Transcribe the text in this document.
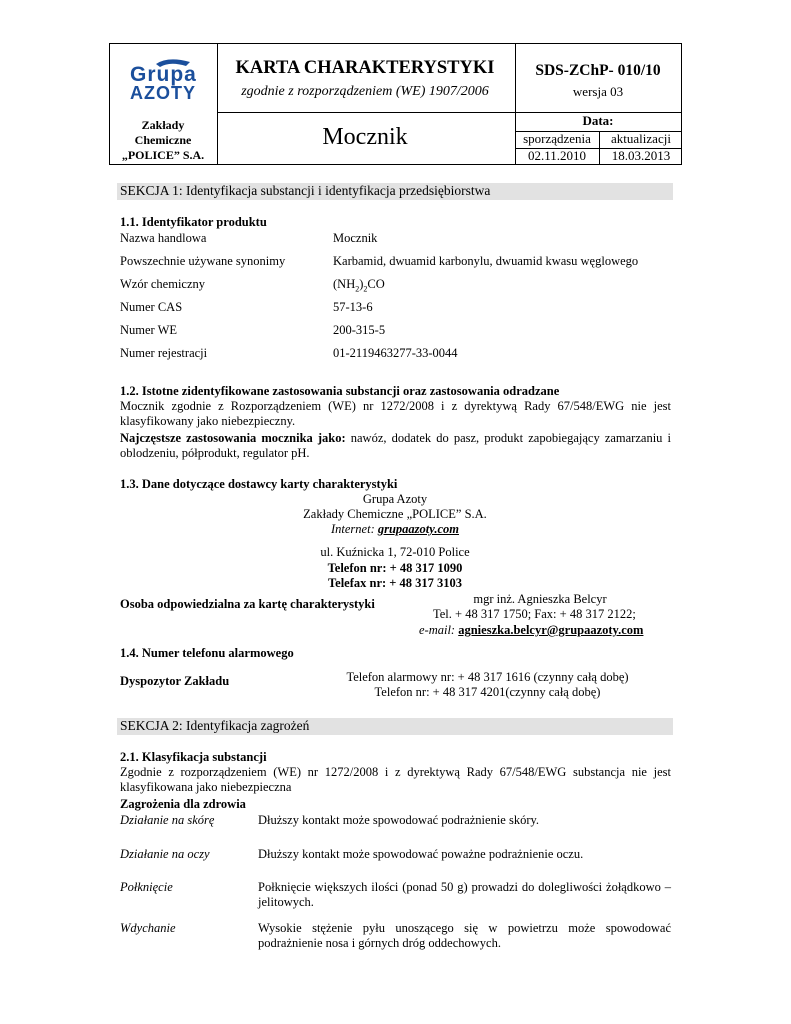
Grupa
AZOTY
Zakłady
Chemiczne
„POLICE” S.A.
KARTA CHARAKTERYSTYKI
zgodnie z rozporządzeniem (WE) 1907/2006
SDS-ZChP- 010/10
wersja 03
Mocznik
Data:
sporządzenia	aktualizacji
02.11.2010	18.03.2013
SEKCJA 1: Identyfikacja substancji i identyfikacja przedsiębiorstwa
1.1. Identyfikator produktu
Nazwa handlowa	Mocznik
Powszechnie używane synonimy	Karbamid, dwuamid karbonylu, dwuamid kwasu węglowego
Wzór chemiczny	$(NH_2)_2CO$
Numer CAS	57-13-6
Numer WE	200-315-5
Numer rejestracji	01-2119463277-33-0044
1.2. Istotne zidentyfikowane zastosowania substancji oraz zastosowania odradzane
Mocznik zgodnie z Rozporządzeniem (WE) nr 1272/2008 i z dyrektywą Rady 67/548/EWG nie jest klasyfikowany jako niebezpieczny.
Najczęstsze zastosowania mocznika jako: nawóz, dodatek do pasz, produkt zapobiegający zamarzaniu i oblodzeniu, półprodukt, regulator pH.
1.3. Dane dotyczące dostawcy karty charakterystyki
Grupa Azoty
Zakłady Chemiczne „POLICE” S.A.
Internet: grupaazoty.com
ul. Kuźnicka 1, 72-010 Police
Telefon nr: + 48 317 1090
Telefax nr: + 48 317 3103
Osoba odpowiedzialna za kartę charakterystyki	mgr inż. Agnieszka Belcyr
Tel. + 48 317 1750; Fax: + 48 317 2122;
e-mail: agnieszka.belcyr@grupaazoty.com
1.4. Numer telefonu alarmowego
Dyspozytor Zakładu	Telefon alarmowy nr: + 48 317 1616 (czynny całą dobę)
Telefon nr: + 48 317 4201(czynny całą dobę)
SEKCJA 2: Identyfikacja zagrożeń
2.1. Klasyfikacja substancji
Zgodnie z rozporządzeniem (WE) nr 1272/2008 i z dyrektywą Rady 67/548/EWG substancja nie jest klasyfikowana jako niebezpieczna
Zagrożenia dla zdrowia
Działanie na skórę	Dłuższy kontakt może spowodować podrażnienie skóry.
Działanie na oczy	Dłuższy kontakt może spowodować poważne podrażnienie oczu.
Połknięcie	Połknięcie większych ilości (ponad 50 g) prowadzi do dolegliwości żołądkowo – jelitowych.
Wdychanie	Wysokie stężenie pyłu unoszącego się w powietrzu może spowodować podrażnienie nosa i górnych dróg oddechowych.
